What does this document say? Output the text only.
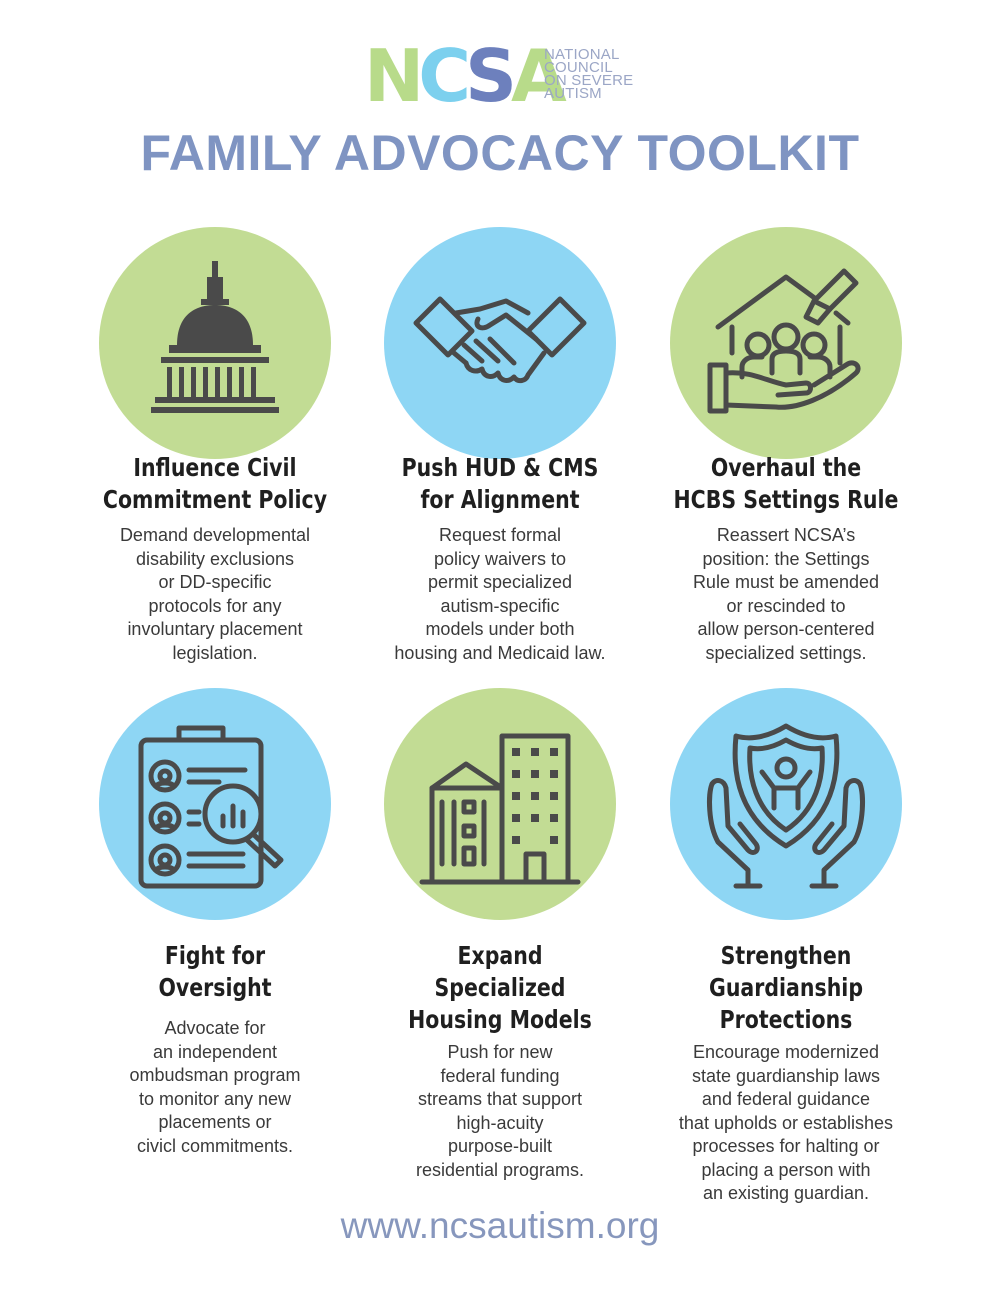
NCSA
NATIONAL
COUNCIL
ON SEVERE
AUTISM
FAMILY ADVOCACY TOOLKIT
Influence Civil
Commitment Policy
Demand developmental
disability exclusions
or DD-specific
protocols for any
involuntary placement
legislation.
Push HUD & CMS
for Alignment
Request formal
policy waivers to
permit specialized
autism-specific
models under both
housing and Medicaid law.
Overhaul the
HCBS Settings Rule
Reassert NCSA’s
position: the Settings
Rule must be amended
or rescinded to
allow person-centered
specialized settings.
Fight for
Oversight
Advocate for
an independent
ombudsman program
to monitor any new
placements or
civicl commitments.
Expand
Specialized
Housing Models
Push for new
federal funding
streams that support
high-acuity
purpose-built
residential programs.
Strengthen
Guardianship
Protections
Encourage modernized
state guardianship laws
and federal guidance
that upholds or establishes
processes for halting or
placing a person with
an existing guardian.
www.ncsautism.org
